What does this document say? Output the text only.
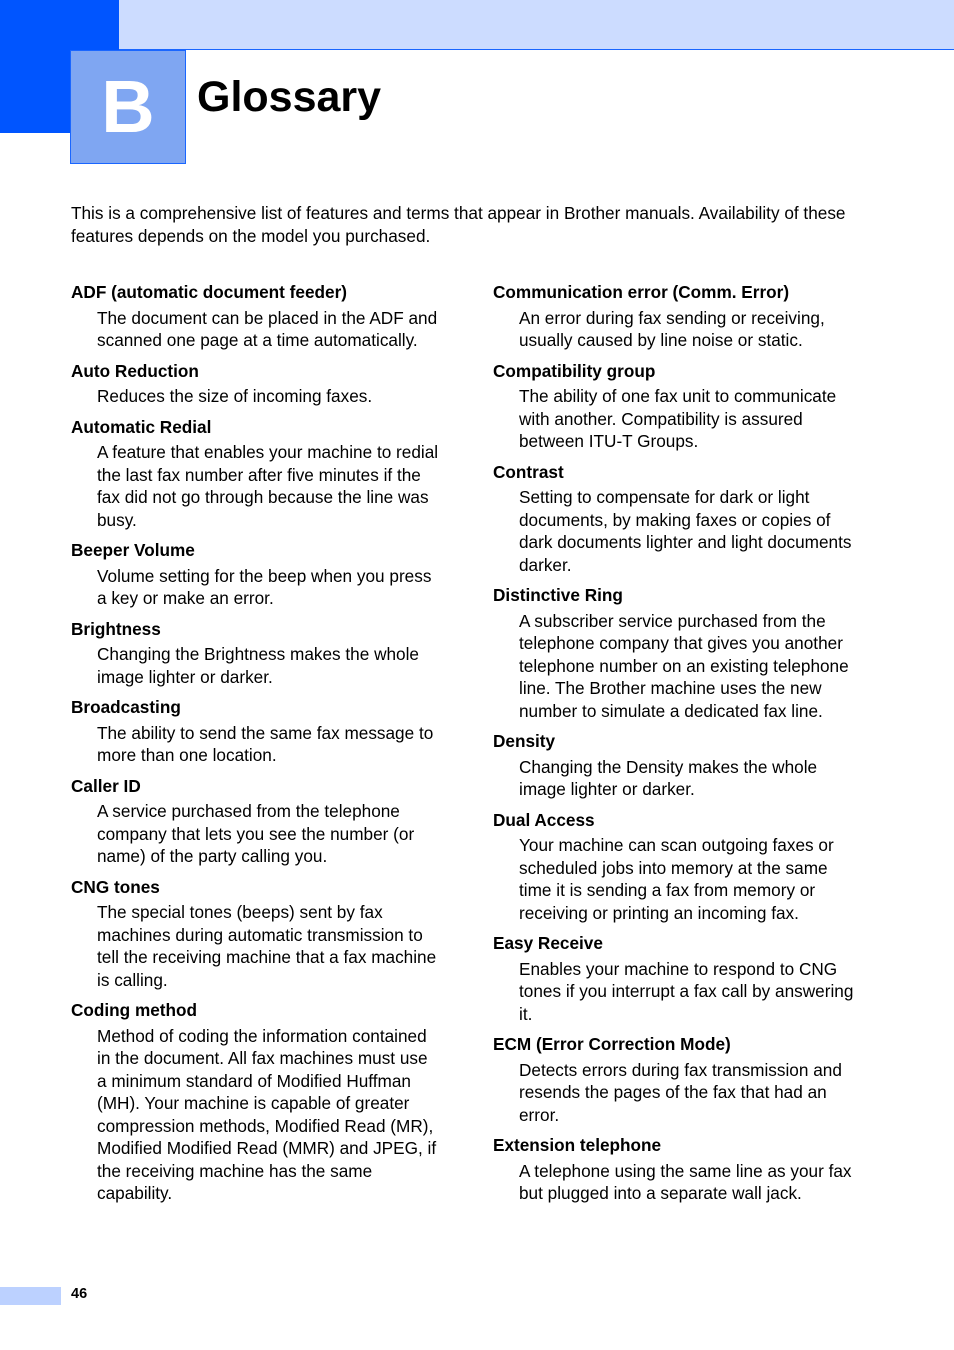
B Glossary

This is a comprehensive list of features and terms that appear in Brother manuals. Availability of these features depends on the model you purchased.

ADF (automatic document feeder)

The document can be placed in the ADF and scanned one page at a time automatically.

Auto Reduction

Reduces the size of incoming faxes.

Automatic Redial

A feature that enables your machine to redial the last fax number after five minutes if the fax did not go through because the line was busy.

Beeper Volume

Volume setting for the beep when you press a key or make an error.

Brightness

Changing the Brightness makes the whole image lighter or darker.

Broadcasting

The ability to send the same fax message to more than one location.

Caller ID

A service purchased from the telephone company that lets you see the number (or name) of the party calling you.

CNG tones

The special tones (beeps) sent by fax machines during automatic transmission to tell the receiving machine that a fax machine is calling.

Coding method

Method of coding the information contained in the document. All fax machines must use a minimum standard of Modified Huffman (MH). Your machine is capable of greater compression methods, Modified Read (MR), Modified Modified Read (MMR) and JPEG, if the receiving machine has the same capability.

Communication error (Comm. Error)

An error during fax sending or receiving, usually caused by line noise or static.

Compatibility group

The ability of one fax unit to communicate with another. Compatibility is assured between ITU-T Groups.

Contrast

Setting to compensate for dark or light documents, by making faxes or copies of dark documents lighter and light documents darker.

Distinctive Ring

A subscriber service purchased from the telephone company that gives you another telephone number on an existing telephone line. The Brother machine uses the new number to simulate a dedicated fax line.

Density

Changing the Density makes the whole image lighter or darker.

Dual Access

Your machine can scan outgoing faxes or scheduled jobs into memory at the same time it is sending a fax from memory or receiving or printing an incoming fax.

Easy Receive

Enables your machine to respond to CNG tones if you interrupt a fax call by answering it.

ECM (Error Correction Mode)

Detects errors during fax transmission and resends the pages of the fax that had an error.

Extension telephone

A telephone using the same line as your fax but plugged into a separate wall jack.

46
